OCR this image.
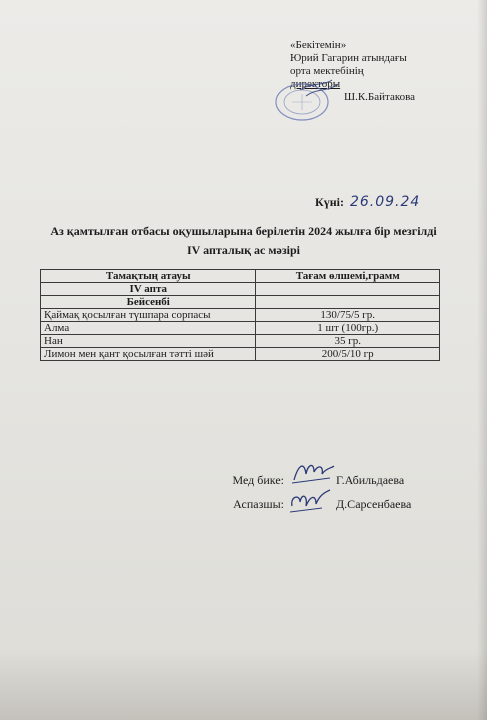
«Бекітемін»
Юрий Гагарин атындағы
орта мектебінің
директоры
Ш.К.Байтакова
Күні: 26.09.24
Аз қамтылған отбасы оқушыларына берілетін 2024 жылға бір мезгілді
IV апталық ас мәзірі
Тамақтың атауы	Тағам өлшемі,грамм
IV апта	
Бейсенбі	
Қаймақ қосылған түшпара сорпасы	130/75/5 гр.
Алма	1 шт (100гр.)
Нан	35 гр.
Лимон мен қант қосылған тәтті шәй	200/5/10 гр
Мед бике:	Г.Абильдаева
Аспазшы:	Д.Сарсенбаева
